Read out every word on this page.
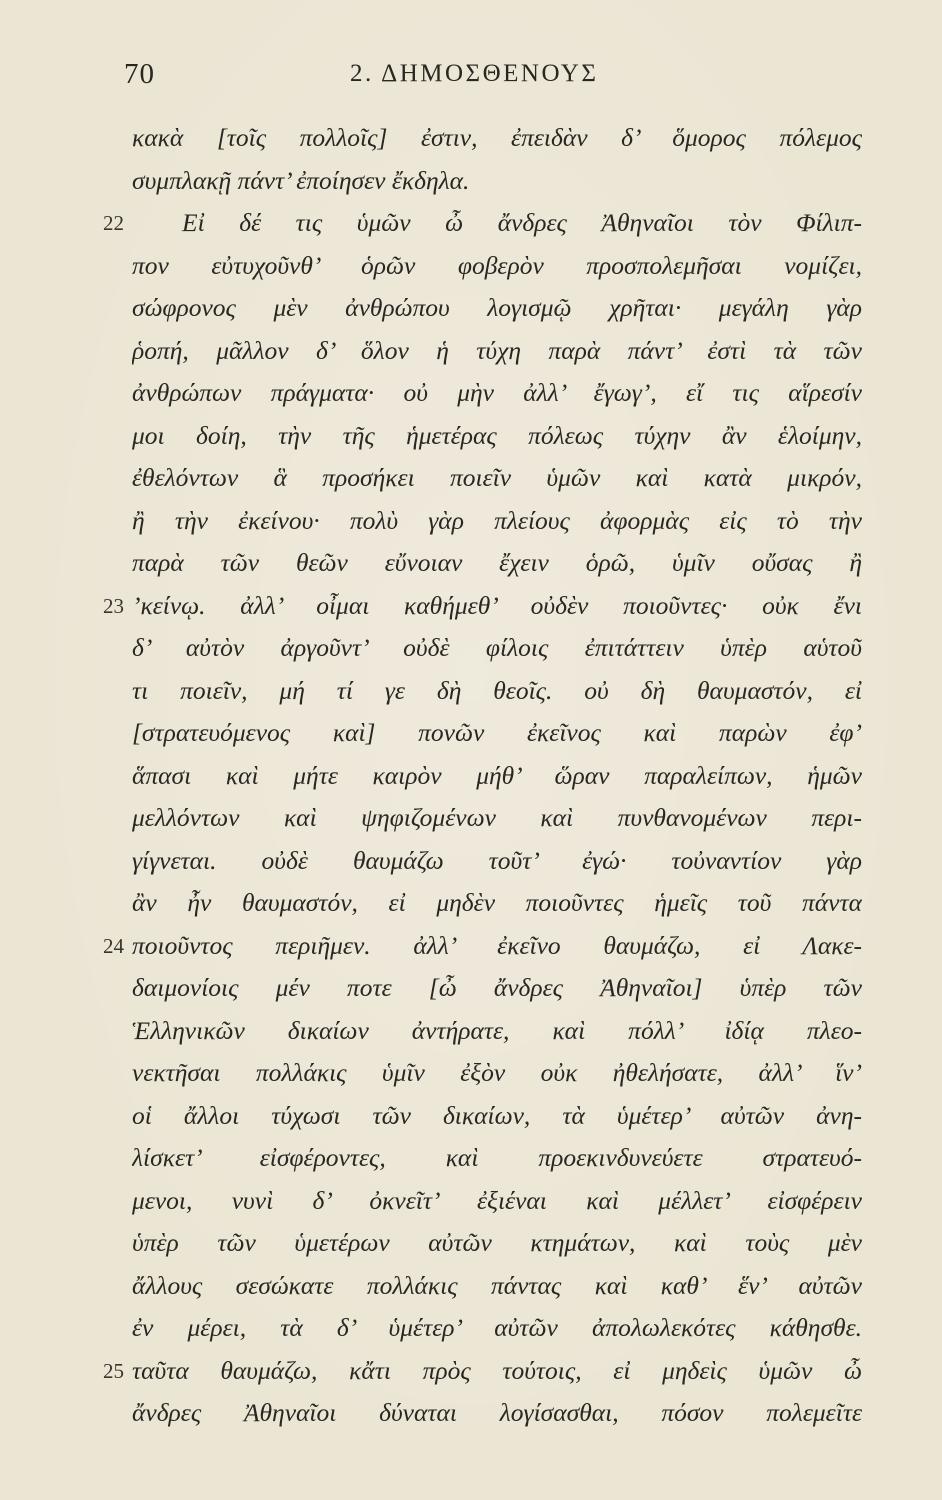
70	2. ΔΗΜΟΣΘΕΝΟΥΣ
κακὰ [τοῖς πολλοῖς] ἐστιν, ἐπειδὰν δ’ ὅμορος πόλεμος
συμπλακῇ πάντ’ ἐποίησεν ἔκδηλα.
22	Εἰ δέ τις ὑμῶν ὦ ἄνδρες Ἀθηναῖοι τὸν Φίλιπ-
πον εὐτυχοῦνθ’ ὁρῶν φοβερὸν προσπολεμῆσαι νομίζει,
σώφρονος μὲν ἀνθρώπου λογισμῷ χρῆται· μεγάλη γὰρ
ῥοπή, μᾶλλον δ’ ὅλον ἡ τύχη παρὰ πάντ’ ἐστὶ τὰ τῶν
ἀνθρώπων πράγματα· οὐ μὴν ἀλλ’ ἔγωγ’, εἴ τις αἵρεσίν
μοι δοίη, τὴν τῆς ἡμετέρας πόλεως τύχην ἂν ἑλοίμην,
ἐθελόντων ἃ προσήκει ποιεῖν ὑμῶν καὶ κατὰ μικρόν,
ἢ τὴν ἐκείνου· πολὺ γὰρ πλείους ἀφορμὰς εἰς τὸ τὴν
παρὰ τῶν θεῶν εὔνοιαν ἔχειν ὁρῶ, ὑμῖν οὔσας ἢ
23 ’κείνῳ. ἀλλ’ οἶμαι καθήμεθ’ οὐδὲν ποιοῦντες· οὐκ ἔνι
δ’ αὐτὸν ἀργοῦντ’ οὐδὲ φίλοις ἐπιτάττειν ὑπὲρ αὑτοῦ
τι ποιεῖν, μή τί γε δὴ θεοῖς. οὐ δὴ θαυμαστόν, εἰ
[στρατευόμενος καὶ] πονῶν ἐκεῖνος καὶ παρὼν ἐφ’
ἅπασι καὶ μήτε καιρὸν μήθ’ ὥραν παραλείπων, ἡμῶν
μελλόντων καὶ ψηφιζομένων καὶ πυνθανομένων περι-
γίγνεται. οὐδὲ θαυμάζω τοῦτ’ ἐγώ· τοὐναντίον γὰρ
ἂν ἦν θαυμαστόν, εἰ μηδὲν ποιοῦντες ἡμεῖς τοῦ πάντα
24 ποιοῦντος περιῆμεν. ἀλλ’ ἐκεῖνο θαυμάζω, εἰ Λακε-
δαιμονίοις μέν ποτε [ὦ ἄνδρες Ἀθηναῖοι] ὑπὲρ τῶν
Ἑλληνικῶν δικαίων ἀντήρατε, καὶ πόλλ’ ἰδίᾳ πλεο-
νεκτῆσαι πολλάκις ὑμῖν ἐξὸν οὐκ ἠθελήσατε, ἀλλ’ ἵν’
οἱ ἄλλοι τύχωσι τῶν δικαίων, τὰ ὑμέτερ’ αὐτῶν ἀνη-
λίσκετ’ εἰσφέροντες, καὶ προεκινδυνεύετε στρατευό-
μενοι, νυνὶ δ’ ὀκνεῖτ’ ἐξιέναι καὶ μέλλετ’ εἰσφέρειν
ὑπὲρ τῶν ὑμετέρων αὐτῶν κτημάτων, καὶ τοὺς μὲν
ἄλλους σεσώκατε πολλάκις πάντας καὶ καθ’ ἕν’ αὐτῶν
ἐν μέρει, τὰ δ’ ὑμέτερ’ αὐτῶν ἀπολωλεκότες κάθησθε.
25 ταῦτα θαυμάζω, κἄτι πρὸς τούτοις, εἰ μηδεὶς ὑμῶν ὦ
ἄνδρες Ἀθηναῖοι δύναται λογίσασθαι, πόσον πολεμεῖτε
